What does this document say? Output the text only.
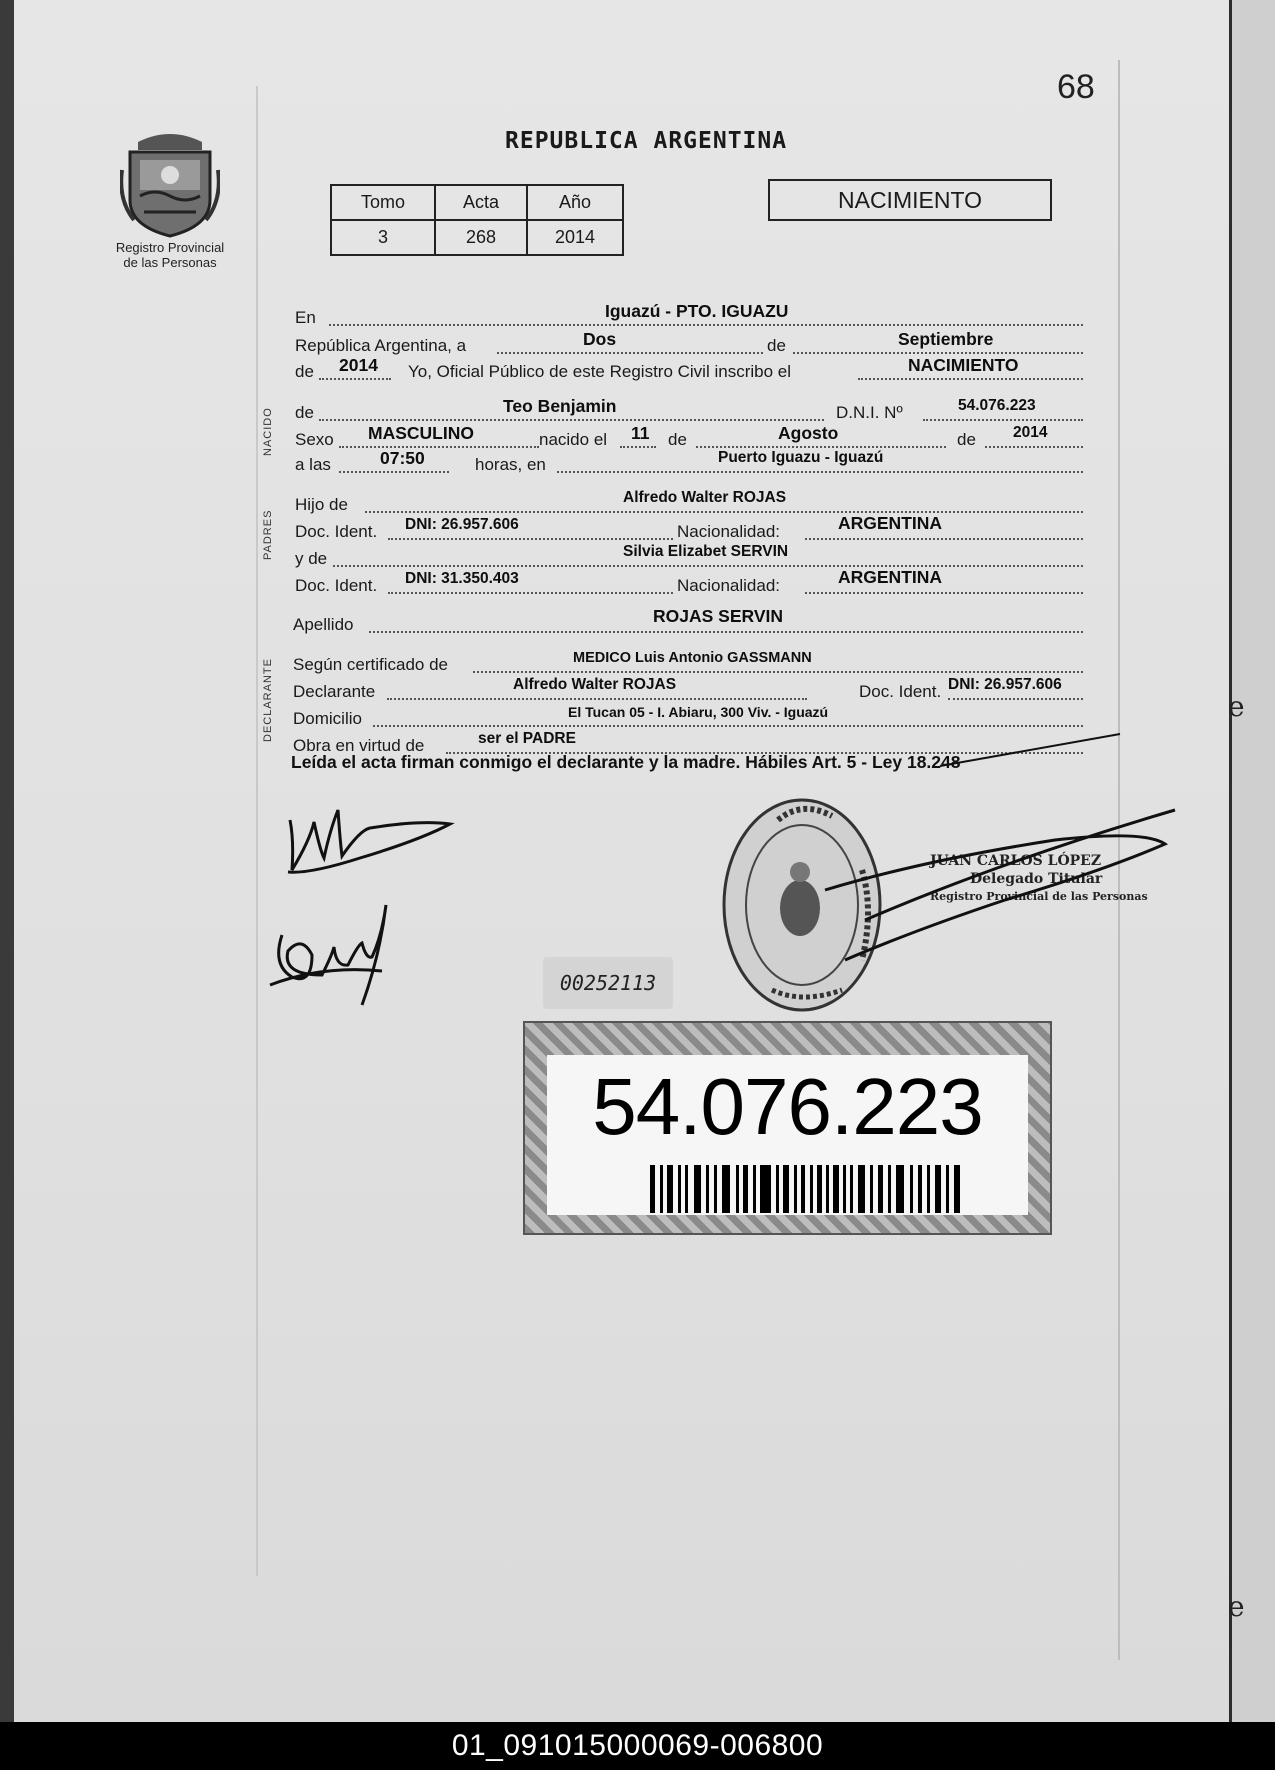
e
e
68
Registro Provincial
de las Personas
REPUBLICA ARGENTINA
Tomo	Acta	Año
3	268	2014
NACIMIENTO
NACIDO
PADRES
DECLARANTE
En	Iguazú - PTO. IGUAZU
República Argentina, a	Dos	de	Septiembre
de 2014 Yo, Oficial Público de este Registro Civil inscribo el	NACIMIENTO
de	Teo Benjamin	D.N.I. Nº	54.076.223
Sexo MASCULINO	nacido el 11 de	Agosto	de 2014
a las	07:50	horas, en	Puerto Iguazu - Iguazú
Hijo de	Alfredo Walter ROJAS
Doc. Ident. DNI: 26.957.606	Nacionalidad:	ARGENTINA
y de	Silvia Elizabet SERVIN
Doc. Ident. DNI: 31.350.403	Nacionalidad:	ARGENTINA
Apellido	ROJAS SERVIN
Según certificado de	MEDICO Luis Antonio GASSMANN
Declarante	Alfredo Walter ROJAS	Doc. Ident. DNI: 26.957.606
Domicilio	El Tucan 05 - I. Abiaru, 300 Viv. - Iguazú
Obra en virtud de	ser el PADRE
Leída el acta firman conmigo el declarante y la madre. Hábiles Art. 5 - Ley 18.248
JUAN CARLOS LÓPEZ
Delegado Titular
Registro Provincial de las Personas
00252113
54.076.223
01_091015000069-006800
